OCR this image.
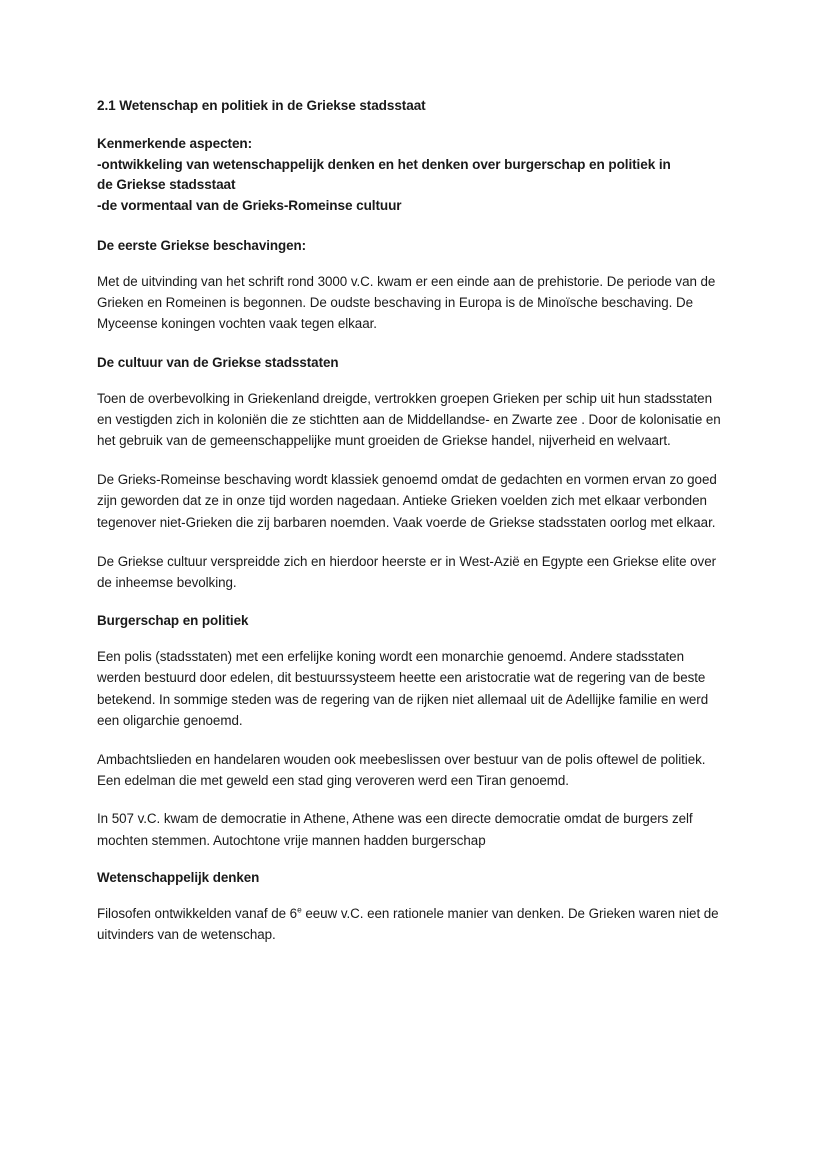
2.1 Wetenschap en politiek in de Griekse stadsstaat
Kenmerkende aspecten:
-ontwikkeling van wetenschappelijk denken en het denken over burgerschap en politiek in
de Griekse stadsstaat
-de vormentaal van de Grieks-Romeinse cultuur
De eerste Griekse beschavingen:

Met de uitvinding van het schrift rond 3000 v.C. kwam er een einde aan de prehistorie. De periode van de Grieken en Romeinen is begonnen. De oudste beschaving in Europa is de Minoïsche beschaving. De Myceense koningen vochten vaak tegen elkaar.

De cultuur van de Griekse stadsstaten

Toen de overbevolking in Griekenland dreigde, vertrokken groepen Grieken per schip uit hun stadsstaten en vestigden zich in koloniën die ze stichtten aan de Middellandse- en Zwarte zee . Door de kolonisatie en het gebruik van de gemeenschappelijke munt groeiden de Griekse handel, nijverheid en welvaart.

De Grieks-Romeinse beschaving wordt klassiek genoemd omdat de gedachten en vormen ervan zo goed zijn geworden dat ze in onze tijd worden nagedaan. Antieke Grieken voelden zich met elkaar verbonden tegenover niet-Grieken die zij barbaren noemden. Vaak voerde de Griekse stadsstaten oorlog met elkaar.

De Griekse cultuur verspreidde zich en hierdoor heerste er in West-Azië en Egypte een Griekse elite over de inheemse bevolking.

Burgerschap en politiek

Een polis (stadsstaten) met een erfelijke koning wordt een monarchie genoemd. Andere stadsstaten werden bestuurd door edelen, dit bestuurssysteem heette een aristocratie wat de regering van de beste betekend. In sommige steden was de regering van de rijken niet allemaal uit de Adellijke familie en werd een oligarchie genoemd.

Ambachtslieden en handelaren wouden ook meebeslissen over bestuur van de polis oftewel de politiek. Een edelman die met geweld een stad ging veroveren werd een Tiran genoemd.

In 507 v.C. kwam de democratie in Athene, Athene was een directe democratie omdat de burgers zelf mochten stemmen. Autochtone vrije mannen hadden burgerschap

Wetenschappelijk denken

Filosofen ontwikkelden vanaf de 6e eeuw v.C. een rationele manier van denken. De Grieken waren niet de uitvinders van de wetenschap.
